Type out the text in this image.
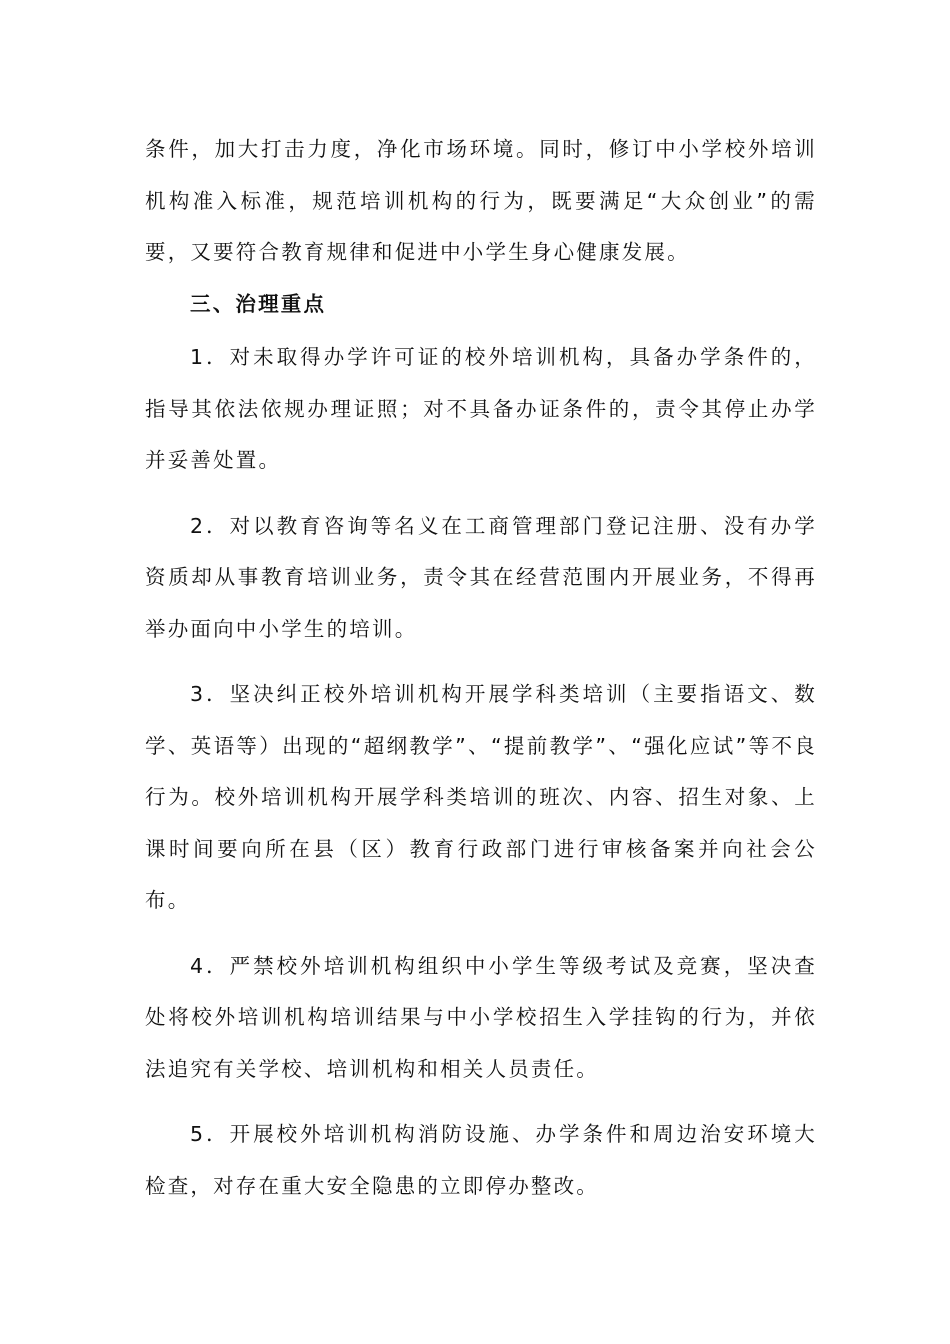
条件，加大打击力度，净化市场环境。同时，修订中小学校外培训机构准入标准，规范培训机构的行为，既要满足“大众创业”的需要，又要符合教育规律和促进中小学生身心健康发展。

三、治理重点

1．对未取得办学许可证的校外培训机构，具备办学条件的，指导其依法依规办理证照；对不具备办证条件的，责令其停止办学并妥善处置。

2．对以教育咨询等名义在工商管理部门登记注册、没有办学资质却从事教育培训业务，责令其在经营范围内开展业务，不得再举办面向中小学生的培训。

3．坚决纠正校外培训机构开展学科类培训（主要指语文、数学、英语等）出现的“超纲教学”、“提前教学”、“强化应试”等不良行为。校外培训机构开展学科类培训的班次、内容、招生对象、上课时间要向所在县（区）教育行政部门进行审核备案并向社会公布。

4．严禁校外培训机构组织中小学生等级考试及竞赛，坚决查处将校外培训机构培训结果与中小学校招生入学挂钩的行为，并依法追究有关学校、培训机构和相关人员责任。

5．开展校外培训机构消防设施、办学条件和周边治安环境大检查，对存在重大安全隐患的立即停办整改。
